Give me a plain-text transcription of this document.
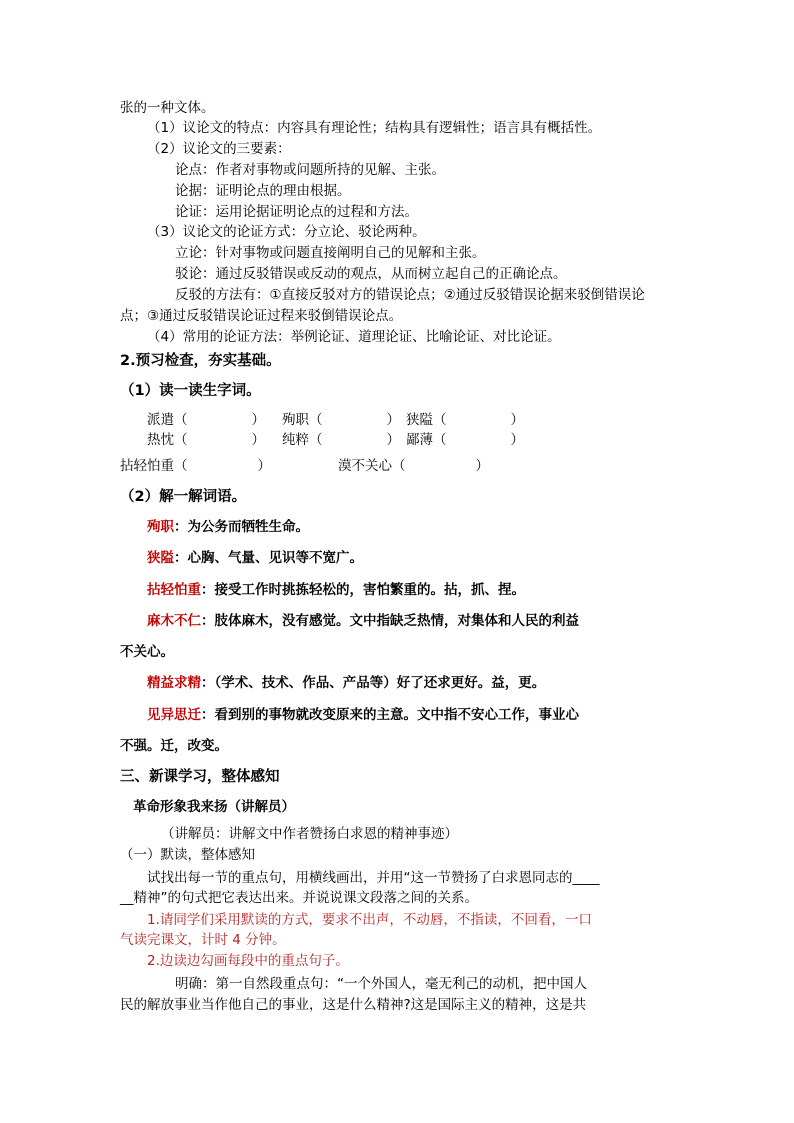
张的一种文体。
（1）议论文的特点：内容具有理论性；结构具有逻辑性；语言具有概括性。
（2）议论文的三要素：
论点：作者对事物或问题所持的见解、主张。
论据：证明论点的理由根据。
论证：运用论据证明论点的过程和方法。
（3）议论文的论证方式：分立论、驳论两种。
立论：针对事物或问题直接阐明自己的见解和主张。
驳论：通过反驳错误或反动的观点，从而树立起自己的正确论点。
反驳的方法有：①直接反驳对方的错误论点；②通过反驳错误论据来驳倒错误论
点；③通过反驳错误论证过程来驳倒错误论点。
（4）常用的论证方法：举例论证、道理论证、比喻论证、对比论证。
2.预习检查，夯实基础。
（1）读一读生字词。
派遣（	） 殉职（	） 狭隘（	）
热忱（	） 纯粹（	） 鄙薄（	）
拈轻怕重（	）	漠不关心（	）
（2）解一解词语。
殉职：为公务而牺牲生命。
狭隘：心胸、气量、见识等不宽广。
拈轻怕重：接受工作时挑拣轻松的，害怕繁重的。拈，抓、捏。
麻木不仁：肢体麻木，没有感觉。文中指缺乏热情，对集体和人民的利益
不关心。
精益求精：（学术、技术、作品、产品等）好了还求更好。益，更。
见异思迁：看到别的事物就改变原来的主意。文中指不安心工作，事业心
不强。迁，改变。
三、新课学习，整体感知
革命形象我来扬（讲解员）
（讲解员：讲解文中作者赞扬白求恩的精神事迹）
（一）默读，整体感知
试找出每一节的重点句，用横线画出，并用“这一节赞扬了白求恩同志的____
__精神”的句式把它表达出来。并说说课文段落之间的关系。
1.请同学们采用默读的方式，要求不出声，不动唇，不指读，不回看，一口
气读完课文，计时 4 分钟。
2.边读边勾画每段中的重点句子。
明确：第一自然段重点句：“一个外国人，毫无利己的动机，把中国人
民的解放事业当作他自己的事业，这是什么精神?这是国际主义的精神，这是共
